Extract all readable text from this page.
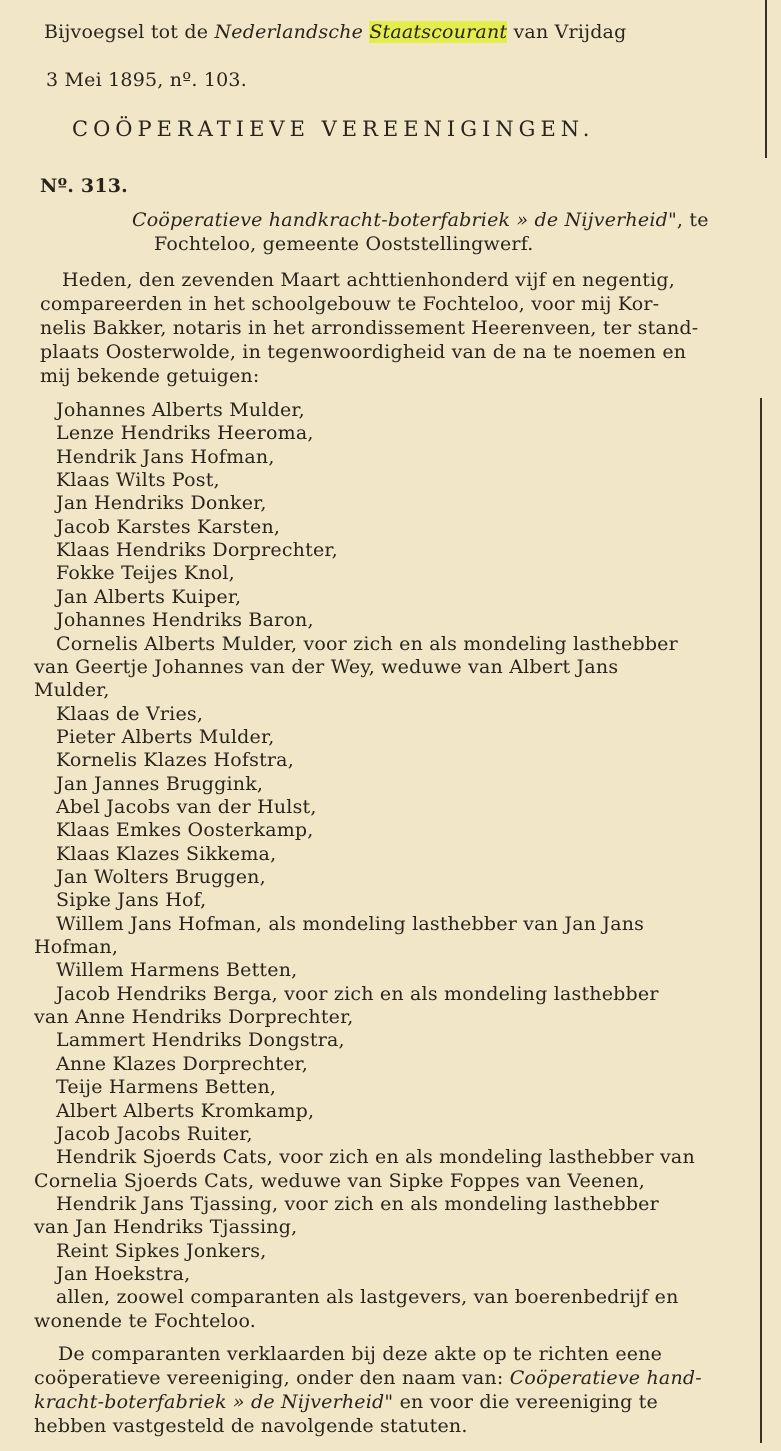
Bijvoegsel tot de Nederlandsche Staatscourant van Vrijdag
3 Mei 1895, nº. 103.
COÖPERATIEVE VEREENIGINGEN.
Nº. 313.
Coöperatieve handkracht-boterfabriek » de Nijverheid", te
Fochteloo, gemeente Ooststellingwerf.
Heden, den zevenden Maart achttienhonderd vijf en negentig,
compareerden in het schoolgebouw te Fochteloo, voor mij Kor-
nelis Bakker, notaris in het arrondissement Heerenveen, ter stand-
plaats Oosterwolde, in tegenwoordigheid van de na te noemen en
mij bekende getuigen:
Johannes Alberts Mulder,
Lenze Hendriks Heeroma,
Hendrik Jans Hofman,
Klaas Wilts Post,
Jan Hendriks Donker,
Jacob Karstes Karsten,
Klaas Hendriks Dorprechter,
Fokke Teijes Knol,
Jan Alberts Kuiper,
Johannes Hendriks Baron,
Cornelis Alberts Mulder, voor zich en als mondeling lasthebber
van Geertje Johannes van der Wey, weduwe van Albert Jans
Mulder,
Klaas de Vries,
Pieter Alberts Mulder,
Kornelis Klazes Hofstra,
Jan Jannes Bruggink,
Abel Jacobs van der Hulst,
Klaas Emkes Oosterkamp,
Klaas Klazes Sikkema,
Jan Wolters Bruggen,
Sipke Jans Hof,
Willem Jans Hofman, als mondeling lasthebber van Jan Jans
Hofman,
Willem Harmens Betten,
Jacob Hendriks Berga, voor zich en als mondeling lasthebber
van Anne Hendriks Dorprechter,
Lammert Hendriks Dongstra,
Anne Klazes Dorprechter,
Teije Harmens Betten,
Albert Alberts Kromkamp,
Jacob Jacobs Ruiter,
Hendrik Sjoerds Cats, voor zich en als mondeling lasthebber van
Cornelia Sjoerds Cats, weduwe van Sipke Foppes van Veenen,
Hendrik Jans Tjassing, voor zich en als mondeling lasthebber
van Jan Hendriks Tjassing,
Reint Sipkes Jonkers,
Jan Hoekstra,
allen, zoowel comparanten als lastgevers, van boerenbedrijf en
wonende te Fochteloo.
De comparanten verklaarden bij deze akte op te richten eene
coöperatieve vereeniging, onder den naam van: Coöperatieve hand-
kracht-boterfabriek » de Nijverheid" en voor die vereeniging te
hebben vastgesteld de navolgende statuten.
